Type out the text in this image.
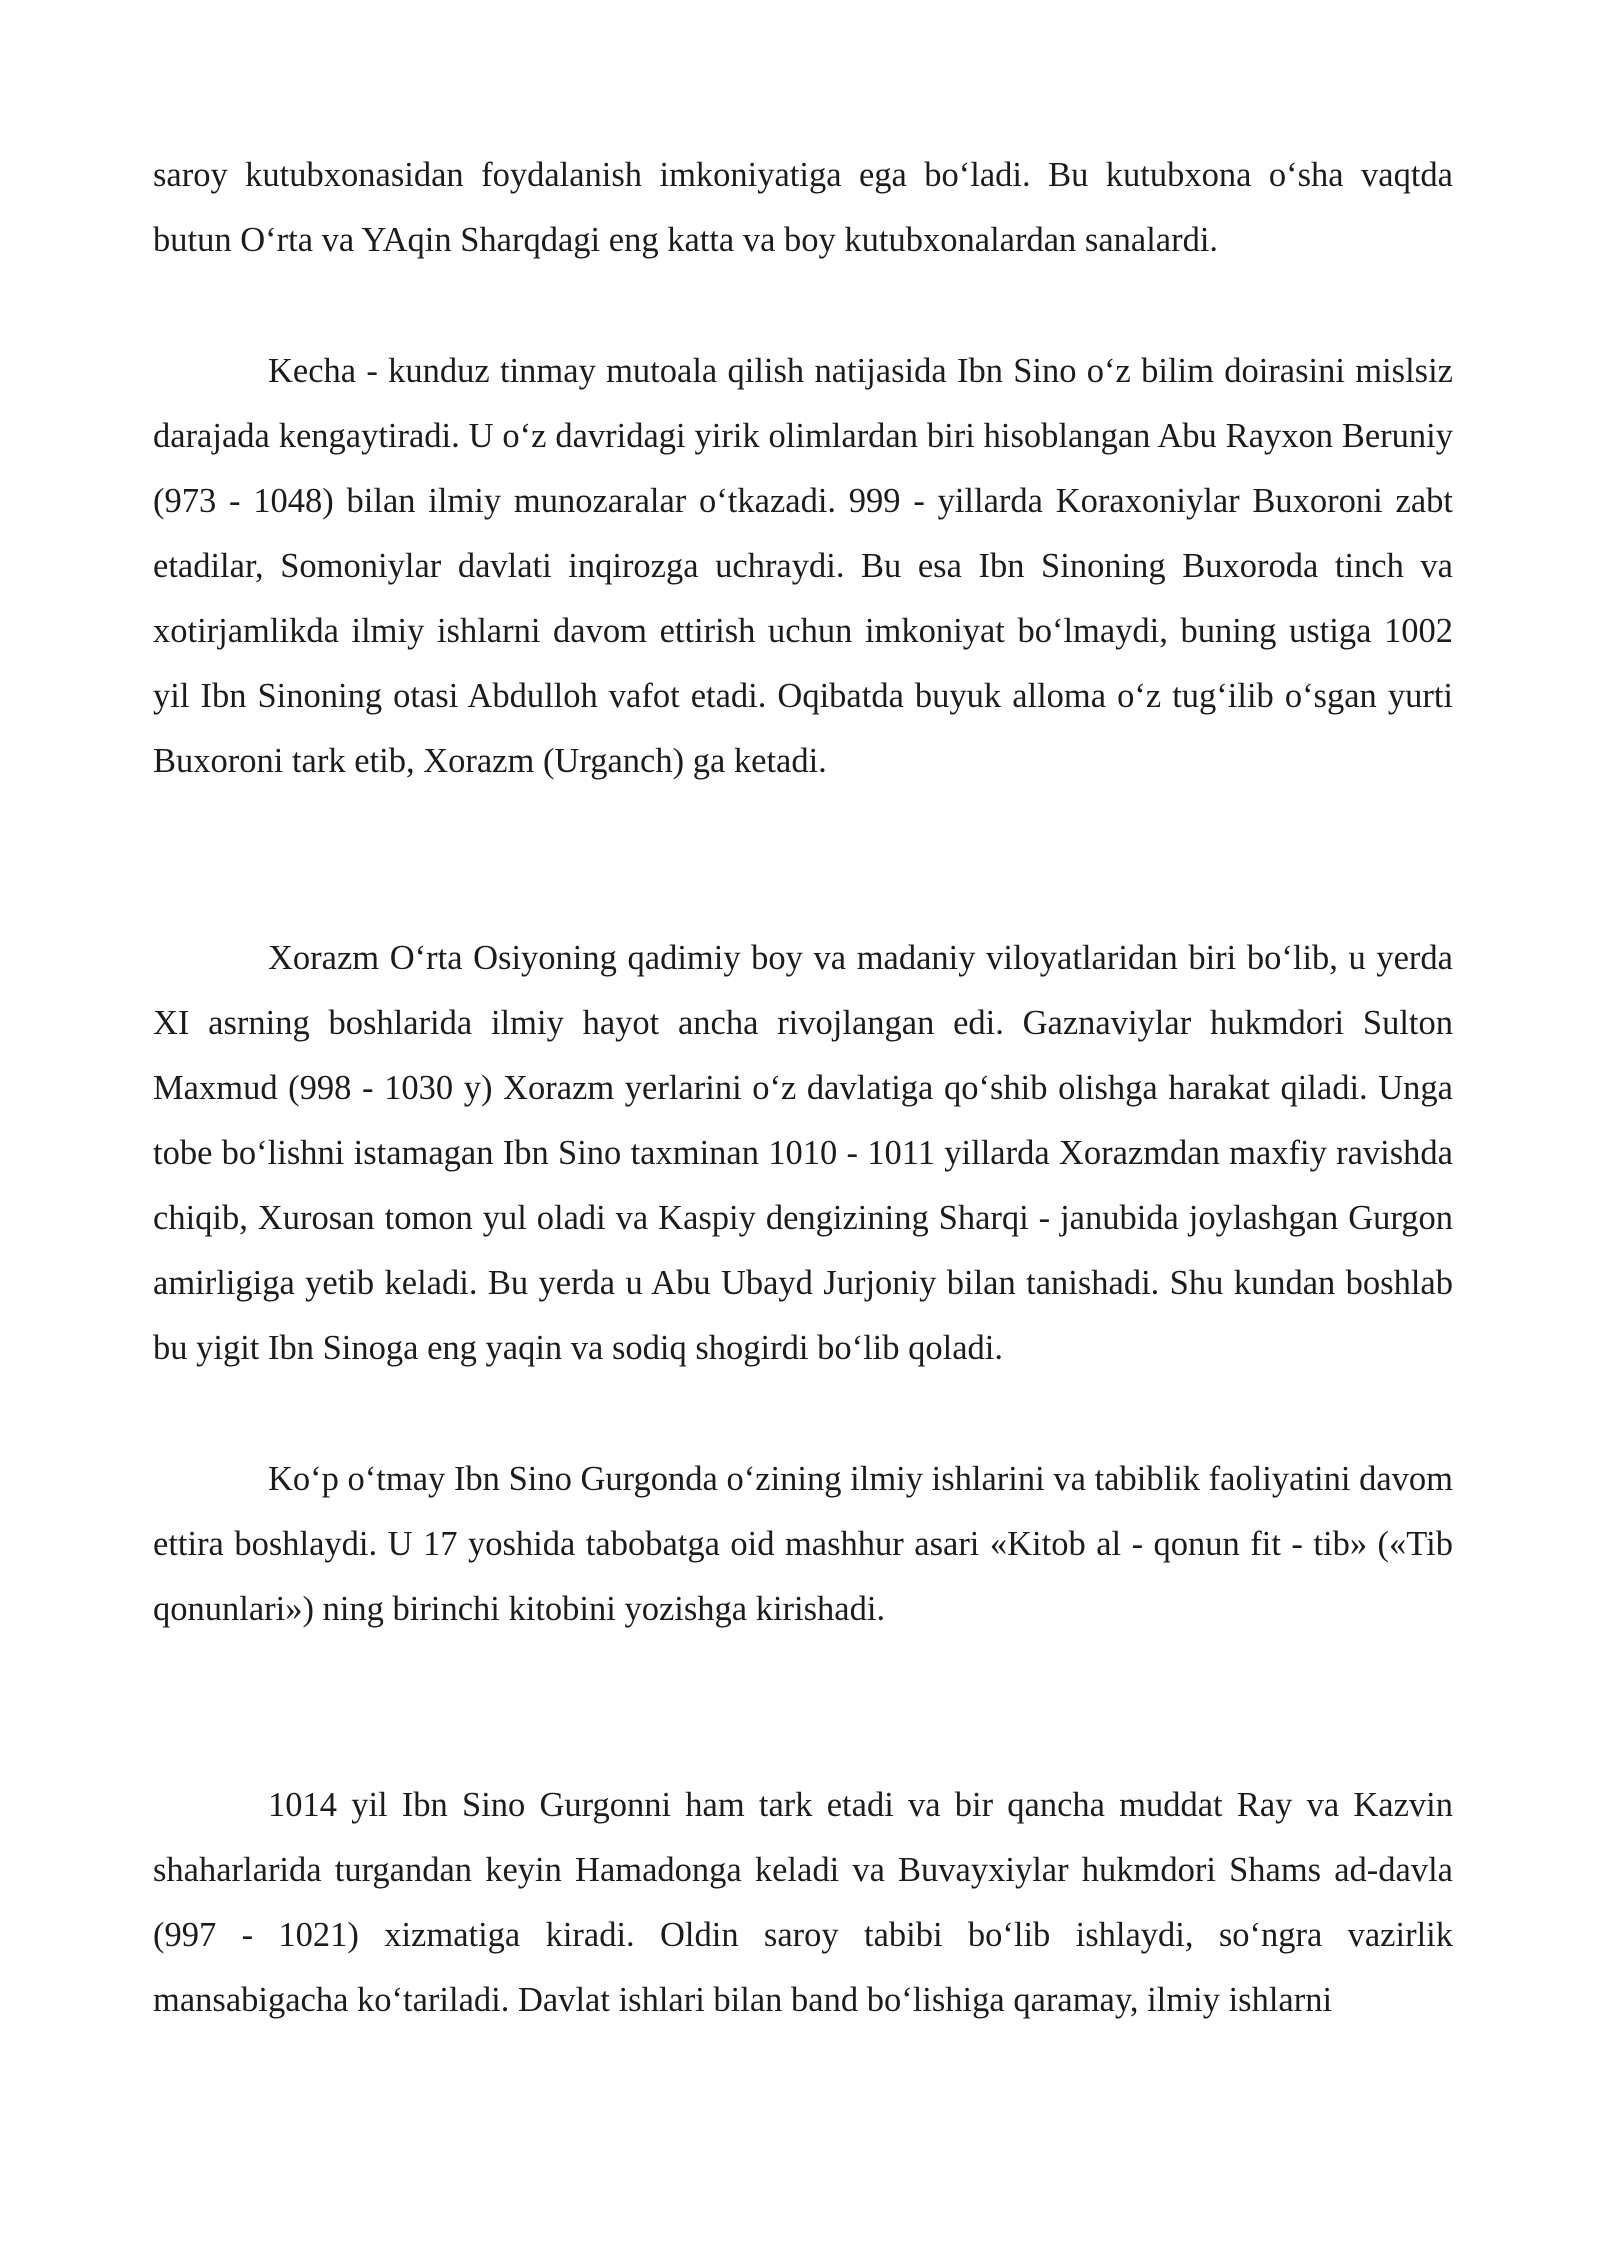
saroy kutubxonasidan foydalanish imkoniyatiga ega boʻladi. Bu kutubxona oʻsha vaqtda butun Oʻrta va YAqin Sharqdagi eng katta va boy kutubxonalardan sanalardi.

Kecha - kunduz tinmay mutoala qilish natijasida Ibn Sino oʻz bilim doirasini mislsiz darajada kengaytiradi. U oʻz davridagi yirik olimlardan biri hisoblangan Abu Rayxon Beruniy (973 - 1048) bilan ilmiy munozaralar oʻtkazadi. 999 - yillarda Koraxoniylar Buxoroni zabt etadilar, Somoniylar davlati inqirozga uchraydi. Bu esa Ibn Sinoning Buxoroda tinch va xotirjamlikda ilmiy ishlarni davom ettirish uchun imkoniyat boʻlmaydi, buning ustiga 1002 yil Ibn Sinoning otasi Abdulloh vafot etadi. Oqibatda buyuk alloma oʻz tugʻilib oʻsgan yurti Buxoroni tark etib, Xorazm (Urganch) ga ketadi.

Xorazm Oʻrta Osiyoning qadimiy boy va madaniy viloyatlaridan biri boʻlib, u yerda XI asrning boshlarida ilmiy hayot ancha rivojlangan edi. Gaznaviylar hukmdori Sulton Maxmud (998 - 1030 y) Xorazm yerlarini oʻz davlatiga qoʻshib olishga harakat qiladi. Unga tobe boʻlishni istamagan Ibn Sino taxminan 1010 - 1011 yillarda Xorazmdan maxfiy ravishda chiqib, Xurosan tomon yul oladi va Kaspiy dengizining Sharqi - janubida joylashgan Gurgon amirligiga yetib keladi. Bu yerda u Abu Ubayd Jurjoniy bilan tanishadi. Shu kundan boshlab bu yigit Ibn Sinoga eng yaqin va sodiq shogirdi boʻlib qoladi.

Koʻp oʻtmay Ibn Sino Gurgonda oʻzining ilmiy ishlarini va tabiblik faoliyatini davom ettira boshlaydi. U 17 yoshida tabobatga oid mashhur asari «Kitob al - qonun fit - tib» («Tib qonunlari») ning birinchi kitobini yozishga kirishadi.

1014 yil Ibn Sino Gurgonni ham tark etadi va bir qancha muddat Ray va Kazvin shaharlarida turgandan keyin Hamadonga keladi va Buvayxiylar hukmdori Shams ad-davla (997 - 1021) xizmatiga kiradi. Oldin saroy tabibi boʻlib ishlaydi, soʻngra vazirlik mansabigacha koʻtariladi. Davlat ishlari bilan band boʻlishiga qaramay, ilmiy ishlarni
